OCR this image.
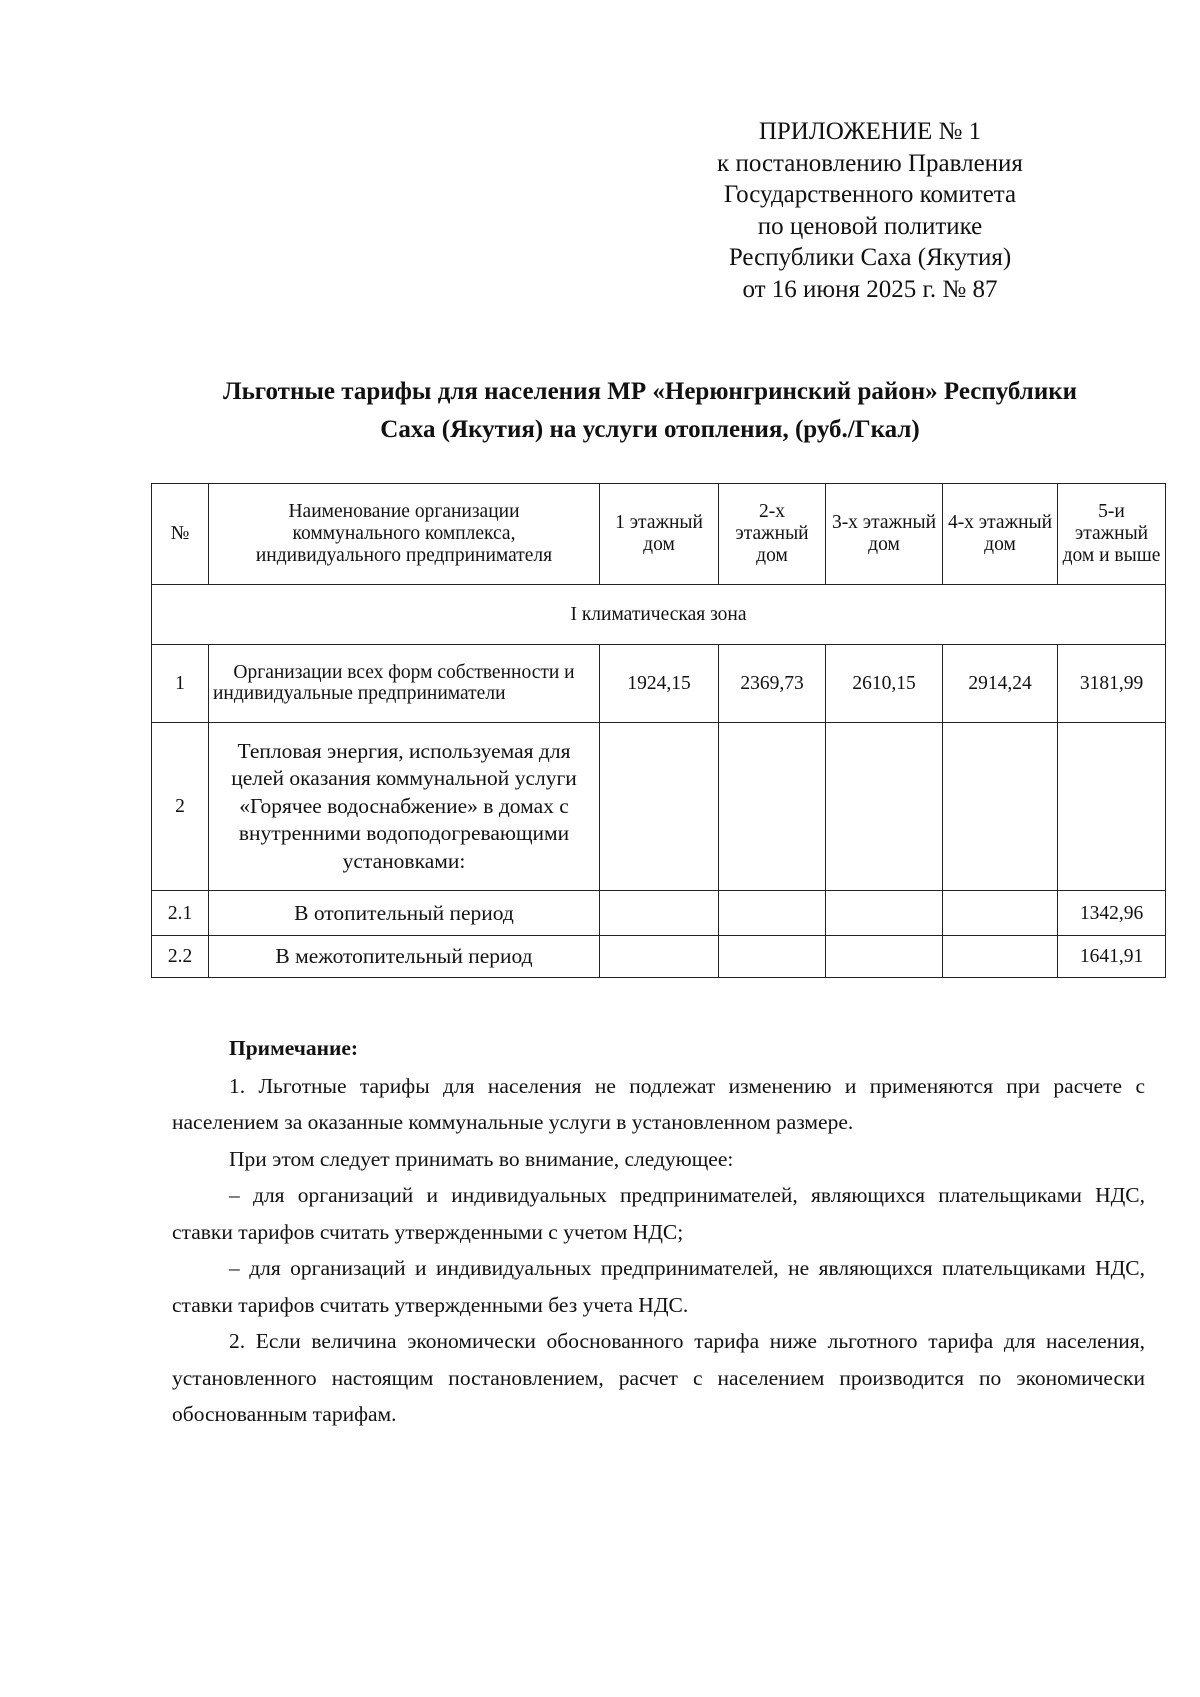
ПРИЛОЖЕНИЕ № 1
к постановлению Правления
Государственного комитета
по ценовой политике
Республики Саха (Якутия)
от 16 июня 2025 г. № 87
Льготные тарифы для населения МР «Нерюнгринский район» Республики
Саха (Якутия) на услуги отопления, (руб./Гкал)
№	Наименование организации коммунального комплекса, индивидуального предпринимателя	1 этажный дом	2-х этажный дом	3-х этажный дом	4-х этажный дом	5-и этажный дом и выше
I климатическая зона						
1	Организации всех форм собственности и индивидуальные предприниматели	1924,15	2369,73	2610,15	2914,24	3181,99
2	Тепловая энергия, используемая для целей оказания коммунальной услуги «Горячее водоснабжение» в домах с внутренними водоподогревающими установками:					
2.1	В отопительный период					1342,96
2.2	В межотопительный период					1641,91

Примечание:

1. Льготные тарифы для населения не подлежат изменению и применяются при расчете с населением за оказанные коммунальные услуги в установленном размере.

При этом следует принимать во внимание, следующее:

– для организаций и индивидуальных предпринимателей, являющихся плательщиками НДС, ставки тарифов считать утвержденными с учетом НДС;

– для организаций и индивидуальных предпринимателей, не являющихся плательщиками НДС, ставки тарифов считать утвержденными без учета НДС.

2. Если величина экономически обоснованного тарифа ниже льготного тарифа для населения, установленного настоящим постановлением, расчет с населением производится по экономически обоснованным тарифам.
